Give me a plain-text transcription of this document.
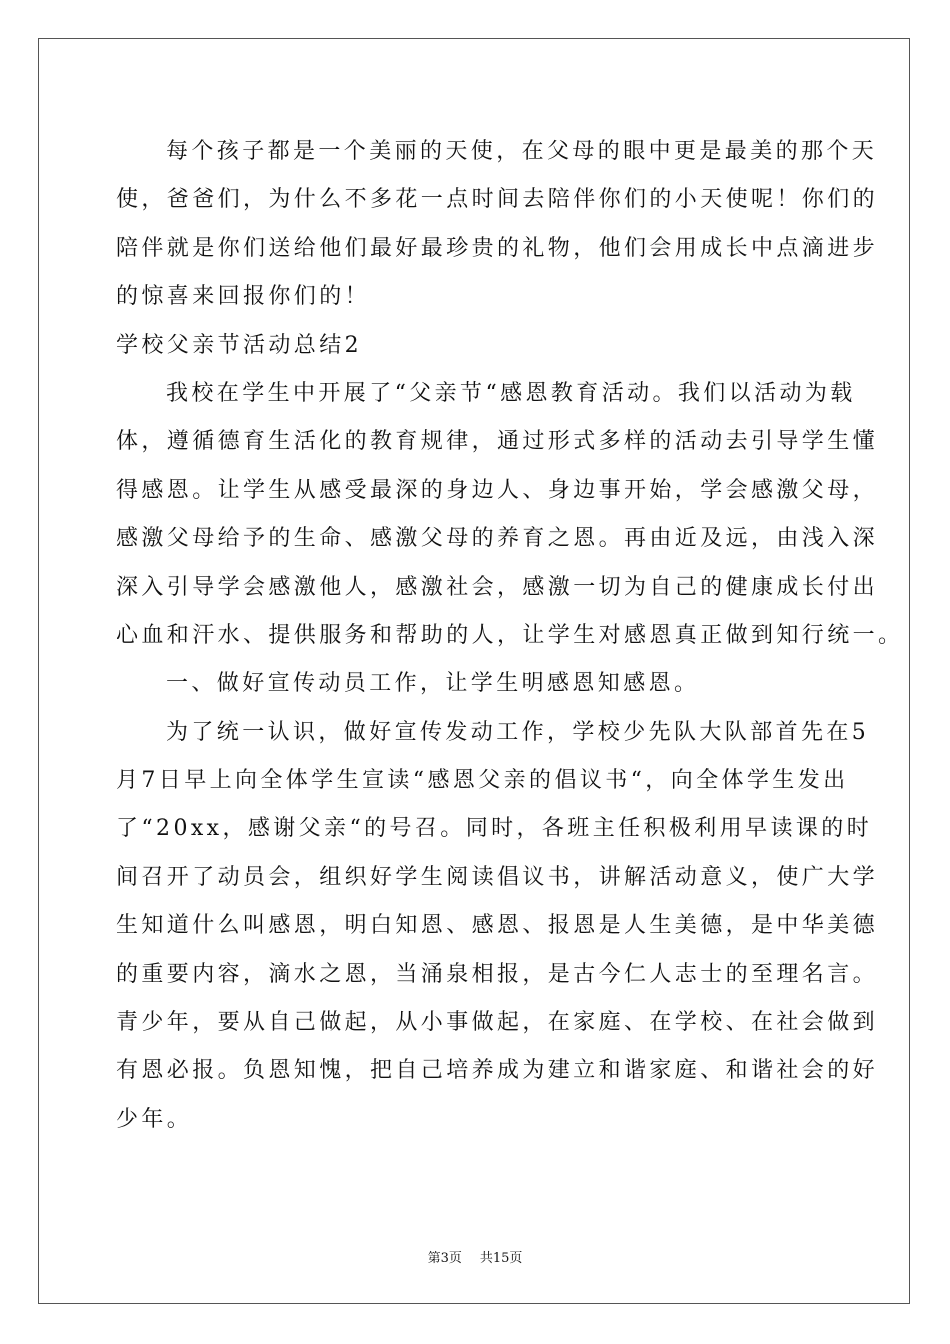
每个孩子都是一个美丽的天使，在父母的眼中更是最美的那个天
使，爸爸们，为什么不多花一点时间去陪伴你们的小天使呢！你们的
陪伴就是你们送给他们最好最珍贵的礼物，他们会用成长中点滴进步
的惊喜来回报你们的！
学校父亲节活动总结2
我校在学生中开展了“父亲节“感恩教育活动。我们以活动为载
体，遵循德育生活化的教育规律，通过形式多样的活动去引导学生懂
得感恩。让学生从感受最深的身边人、身边事开始，学会感激父母，
感激父母给予的生命、感激父母的养育之恩。再由近及远，由浅入深
深入引导学会感激他人，感激社会，感激一切为自己的健康成长付出
心血和汗水、提供服务和帮助的人，让学生对感恩真正做到知行统一。
一、做好宣传动员工作，让学生明感恩知感恩。
为了统一认识，做好宣传发动工作，学校少先队大队部首先在5
月7日早上向全体学生宣读“感恩父亲的倡议书“，向全体学生发出
了“20xx，感谢父亲“的号召。同时，各班主任积极利用早读课的时
间召开了动员会，组织好学生阅读倡议书，讲解活动意义，使广大学
生知道什么叫感恩，明白知恩、感恩、报恩是人生美德，是中华美德
的重要内容，滴水之恩，当涌泉相报，是古今仁人志士的至理名言。
青少年，要从自己做起，从小事做起，在家庭、在学校、在社会做到
有恩必报。负恩知愧，把自己培养成为建立和谐家庭、和谐社会的好
少年。
第3页 共15页
